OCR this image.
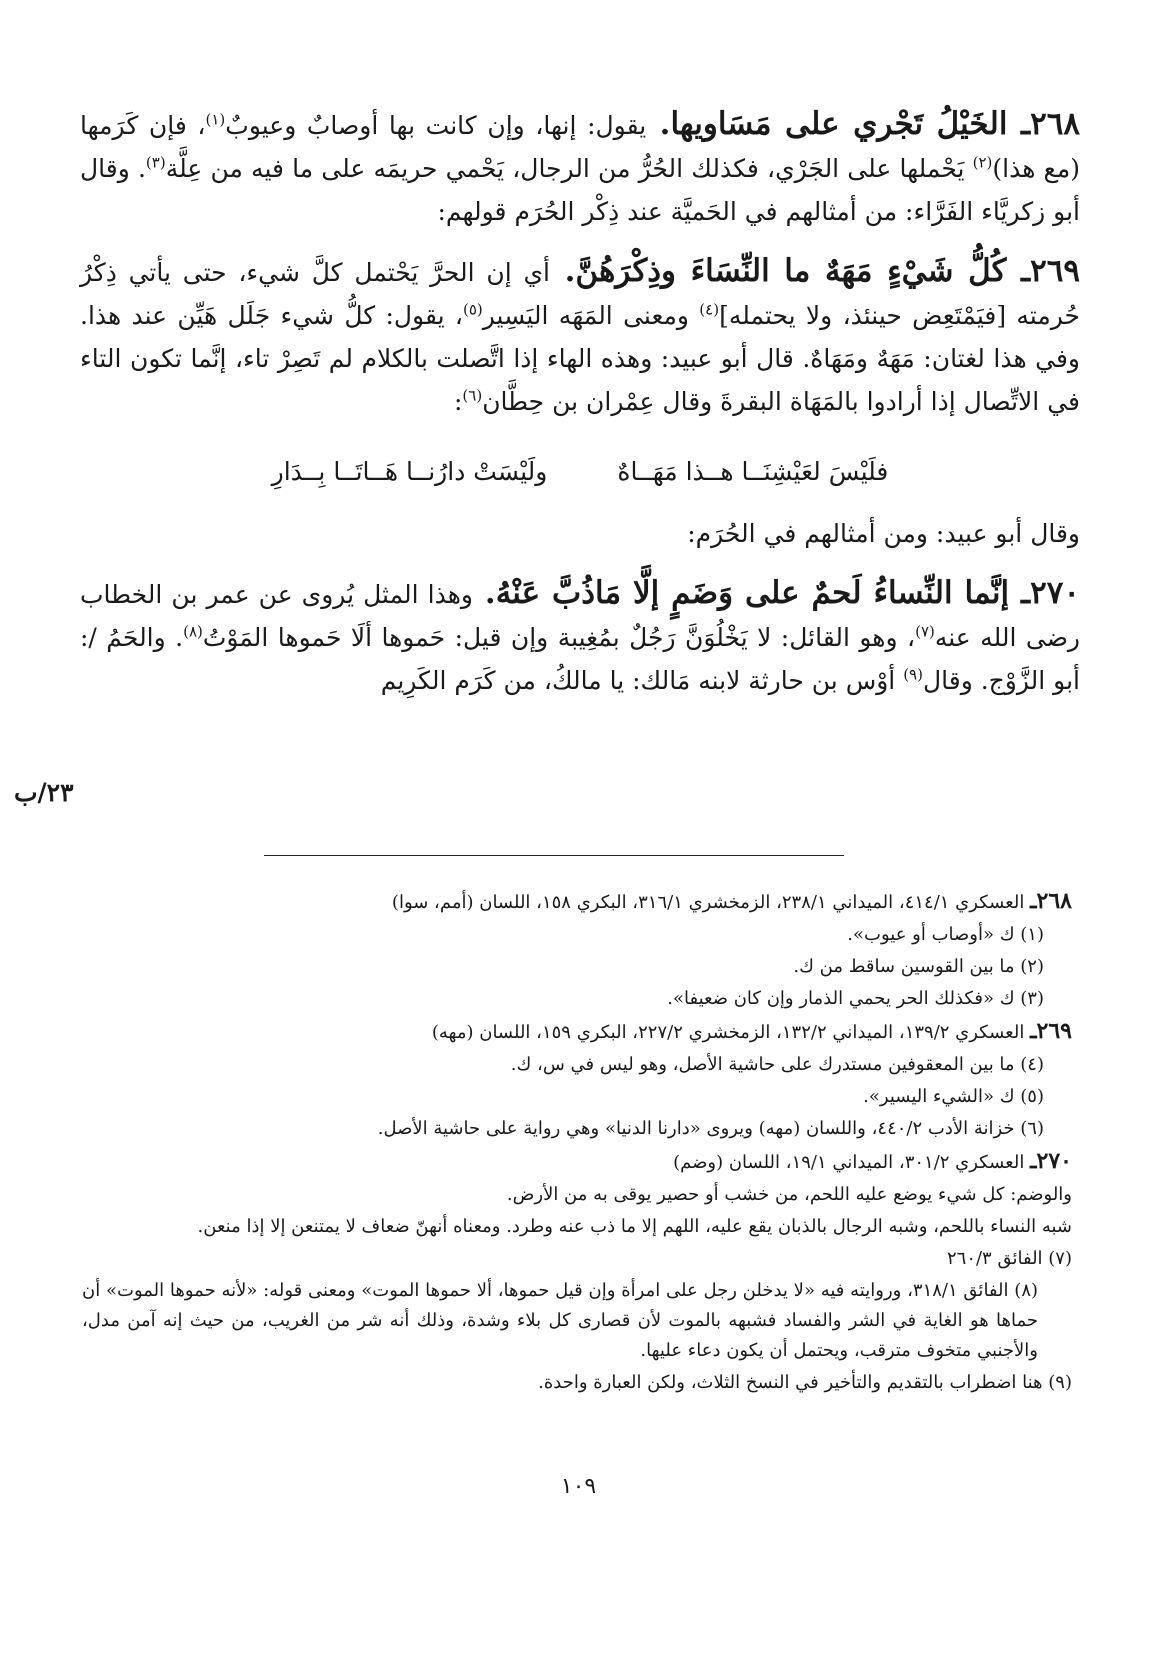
٢٦٨ـ الخَيْلُ تَجْري على مَسَاويها. يقول: إنها، وإن كانت بها أوصابٌ وعيوبٌ$^{(١)}$، فإن كَرَمها (مع هذا)$^{(٢)}$ يَحْملها على الجَرْي، فكذلك الحُرُّ من الرجال، يَحْمي حريمَه على ما فيه من عِلَّة$^{(٣)}$. وقال أبو زكريَّاء الفَرَّاء: من أمثالهم في الحَميَّة عند ذِكْر الحُرَم قولهم:

٢٦٩ـ كُلُّ شَيْءٍ مَهَهٌ ما النِّسَاءَ وذِكْرَهُنَّ. أي إن الحرَّ يَحْتمل كلَّ شيء، حتى يأتي ذِكْرُ حُرمته [فيَمْتَعِض حينئذ، ولا يحتمله]$^{(٤)}$ ومعنى المَهَه اليَسِير$^{(٥)}$، يقول: كلُّ شيء جَلَل هَيِّن عند هذا. وفي هذا لغتان: مَهَهٌ ومَهَاهٌ. قال أبو عبيد: وهذه الهاء إذا اتَّصلت بالكلام لم تَصِرْ تاء، إنَّما تكون التاء في الاتِّصال إذا أرادوا بالمَهَاة البقرةَ وقال عِمْران بن حِطَّان$^{(٦)}$:

فلَيْسَ لعَيْشِنَــا هــذا مَهَــاهٌ
ولَيْسَتْ دارُنــا هَــاتَــا بِــدَارِ

وقال أبو عبيد: ومن أمثالهم في الحُرَم:

٢٧٠ـ إنَّما النِّساءُ لَحمٌ على وَضَمٍ إلَّا مَاذُبَّ عَنْهُ. وهذا المثل يُروى عن عمر بن الخطاب رضى الله عنه$^{(٧)}$، وهو القائل: لا يَخْلُوَنَّ رَجُلٌ بمُغِيبة وإن قيل: حَموها ألَا حَموها المَوْتُ$^{(٨)}$. والحَمُ /: أبو الزَّوْج. وقال$^{(٩)}$ أوْس بن حارثة لابنه مَالك: يا مالكُ، من كَرَم الكَرِيم

٢٣/ب
٢٦٨ـ العسكري ٤١٤/١، الميداني ٢٣٨/١، الزمخشري ٣١٦/١، البكري ١٥٨، اللسان (أمم، سوا)
(١) ك «أوصاب أو عيوب».
(٢) ما بين القوسين ساقط من ك.
(٣) ك «فكذلك الحر يحمي الذمار وإن كان ضعيفا».
٢٦٩ـ العسكري ١٣٩/٢، الميداني ١٣٢/٢، الزمخشري ٢٢٧/٢، البكري ١٥٩، اللسان (مهه)
(٤) ما بين المعقوفين مستدرك على حاشية الأصل، وهو ليس في س، ك.
(٥) ك «الشيء اليسير».
(٦) خزانة الأدب ٤٤٠/٢، واللسان (مهه) ويروى «دارنا الدنيا» وهي رواية على حاشية الأصل.
٢٧٠ـ العسكري ٣٠١/٢، الميداني ١٩/١، اللسان (وضم)
والوضم: كل شيء يوضع عليه اللحم، من خشب أو حصير يوقى به من الأرض.
شبه النساء باللحم، وشبه الرجال بالذبان يقع عليه، اللهم إلا ما ذب عنه وطرد. ومعناه أنهنّ ضعاف لا يمتنعن إلا إذا منعن.
(٧) الفائق ٢٦٠/٣
(٨) الفائق ٣١٨/١، وروايته فيه «لا يدخلن رجل على امرأة وإن قيل حموها، ألا حموها الموت» ومعنى قوله: «لأنه حموها الموت» أن حماها هو الغاية في الشر والفساد فشبهه بالموت لأن قصارى كل بلاء وشدة، وذلك أنه شر من الغريب، من حيث إنه آمن مدل، والأجنبي متخوف مترقب، ويحتمل أن يكون دعاء عليها.
(٩) هنا اضطراب بالتقديم والتأخير في النسخ الثلاث، ولكن العبارة واحدة.
١٠٩
